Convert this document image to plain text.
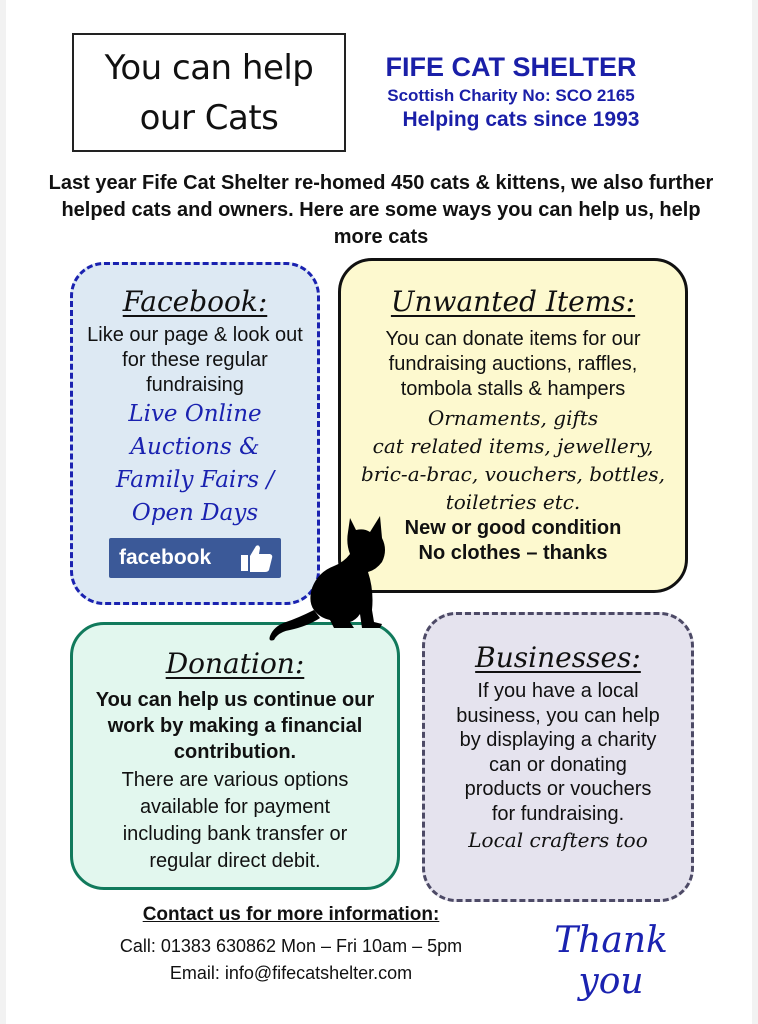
You can help
our Cats
FIFE CAT SHELTER
Scottish Charity No: SCO 2165
Helping cats since 1993
Last year Fife Cat Shelter re-homed 450 cats & kittens, we also further helped cats and owners. Here are some ways you can help us, help more cats
Facebook:
Like our page & look out for these regular fundraising
Live Online
Auctions &
Family Fairs /
Open Days
facebook
Unwanted Items:
You can donate items for our fundraising auctions, raffles, tombola stalls & hampers
Ornaments, gifts
cat related items, jewellery,
bric-a-brac, vouchers, bottles,
toiletries etc.
New or good condition
No clothes – thanks
Donation:
You can help us continue our work by making a financial contribution.
There are various options available for payment including bank transfer or regular direct debit.
Businesses:
If you have a local business, you can help by displaying a charity can or donating products or vouchers for fundraising.
Local crafters too
Contact us for more information:
Call: 01383 630862 Mon – Fri 10am – 5pm
Email: info@fifecatshelter.com
Thank you
